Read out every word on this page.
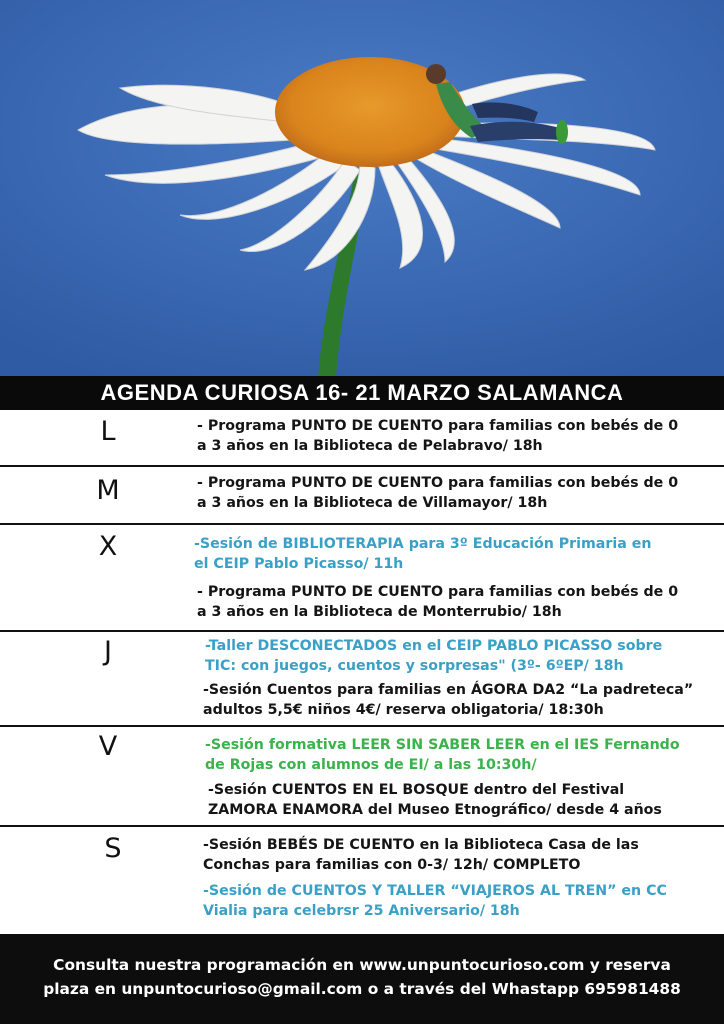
AGENDA CURIOSA 16- 21 MARZO SALAMANCA
L	- Programa PUNTO DE CUENTO para familias con bebés de 0
a 3 años en la Biblioteca de Pelabravo/ 18h
M	- Programa PUNTO DE CUENTO para familias con bebés de 0
a 3 años en la Biblioteca de Villamayor/ 18h
X	-Sesión de BIBLIOTERAPIA para 3º Educación Primaria en
el CEIP Pablo Picasso/ 11h
- Programa PUNTO DE CUENTO para familias con bebés de 0
a 3 años en la Biblioteca de Monterrubio/ 18h
J	-Taller DESCONECTADOS en el CEIP PABLO PICASSO sobre
TIC: con juegos, cuentos y sorpresas" (3º- 6ºEP/ 18h
-Sesión Cuentos para familias en ÁGORA DA2 “La padreteca”
adultos 5,5€ niños 4€/ reserva obligatoria/ 18:30h
V	-Sesión formativa LEER SIN SABER LEER en el IES Fernando
de Rojas con alumnos de EI/ a las 10:30h/
-Sesión CUENTOS EN EL BOSQUE dentro del Festival
ZAMORA ENAMORA del Museo Etnográfico/ desde 4 años
S	-Sesión BEBÉS DE CUENTO en la Biblioteca Casa de las
Conchas para familias con 0-3/ 12h/ COMPLETO
-Sesión de CUENTOS Y TALLER “VIAJEROS AL TREN” en CC
Vialia para celebrsr 25 Aniversario/ 18h
Consulta nuestra programación en www.unpuntocurioso.com y reserva
plaza en unpuntocurioso@gmail.com o a través del Whastapp 695981488
